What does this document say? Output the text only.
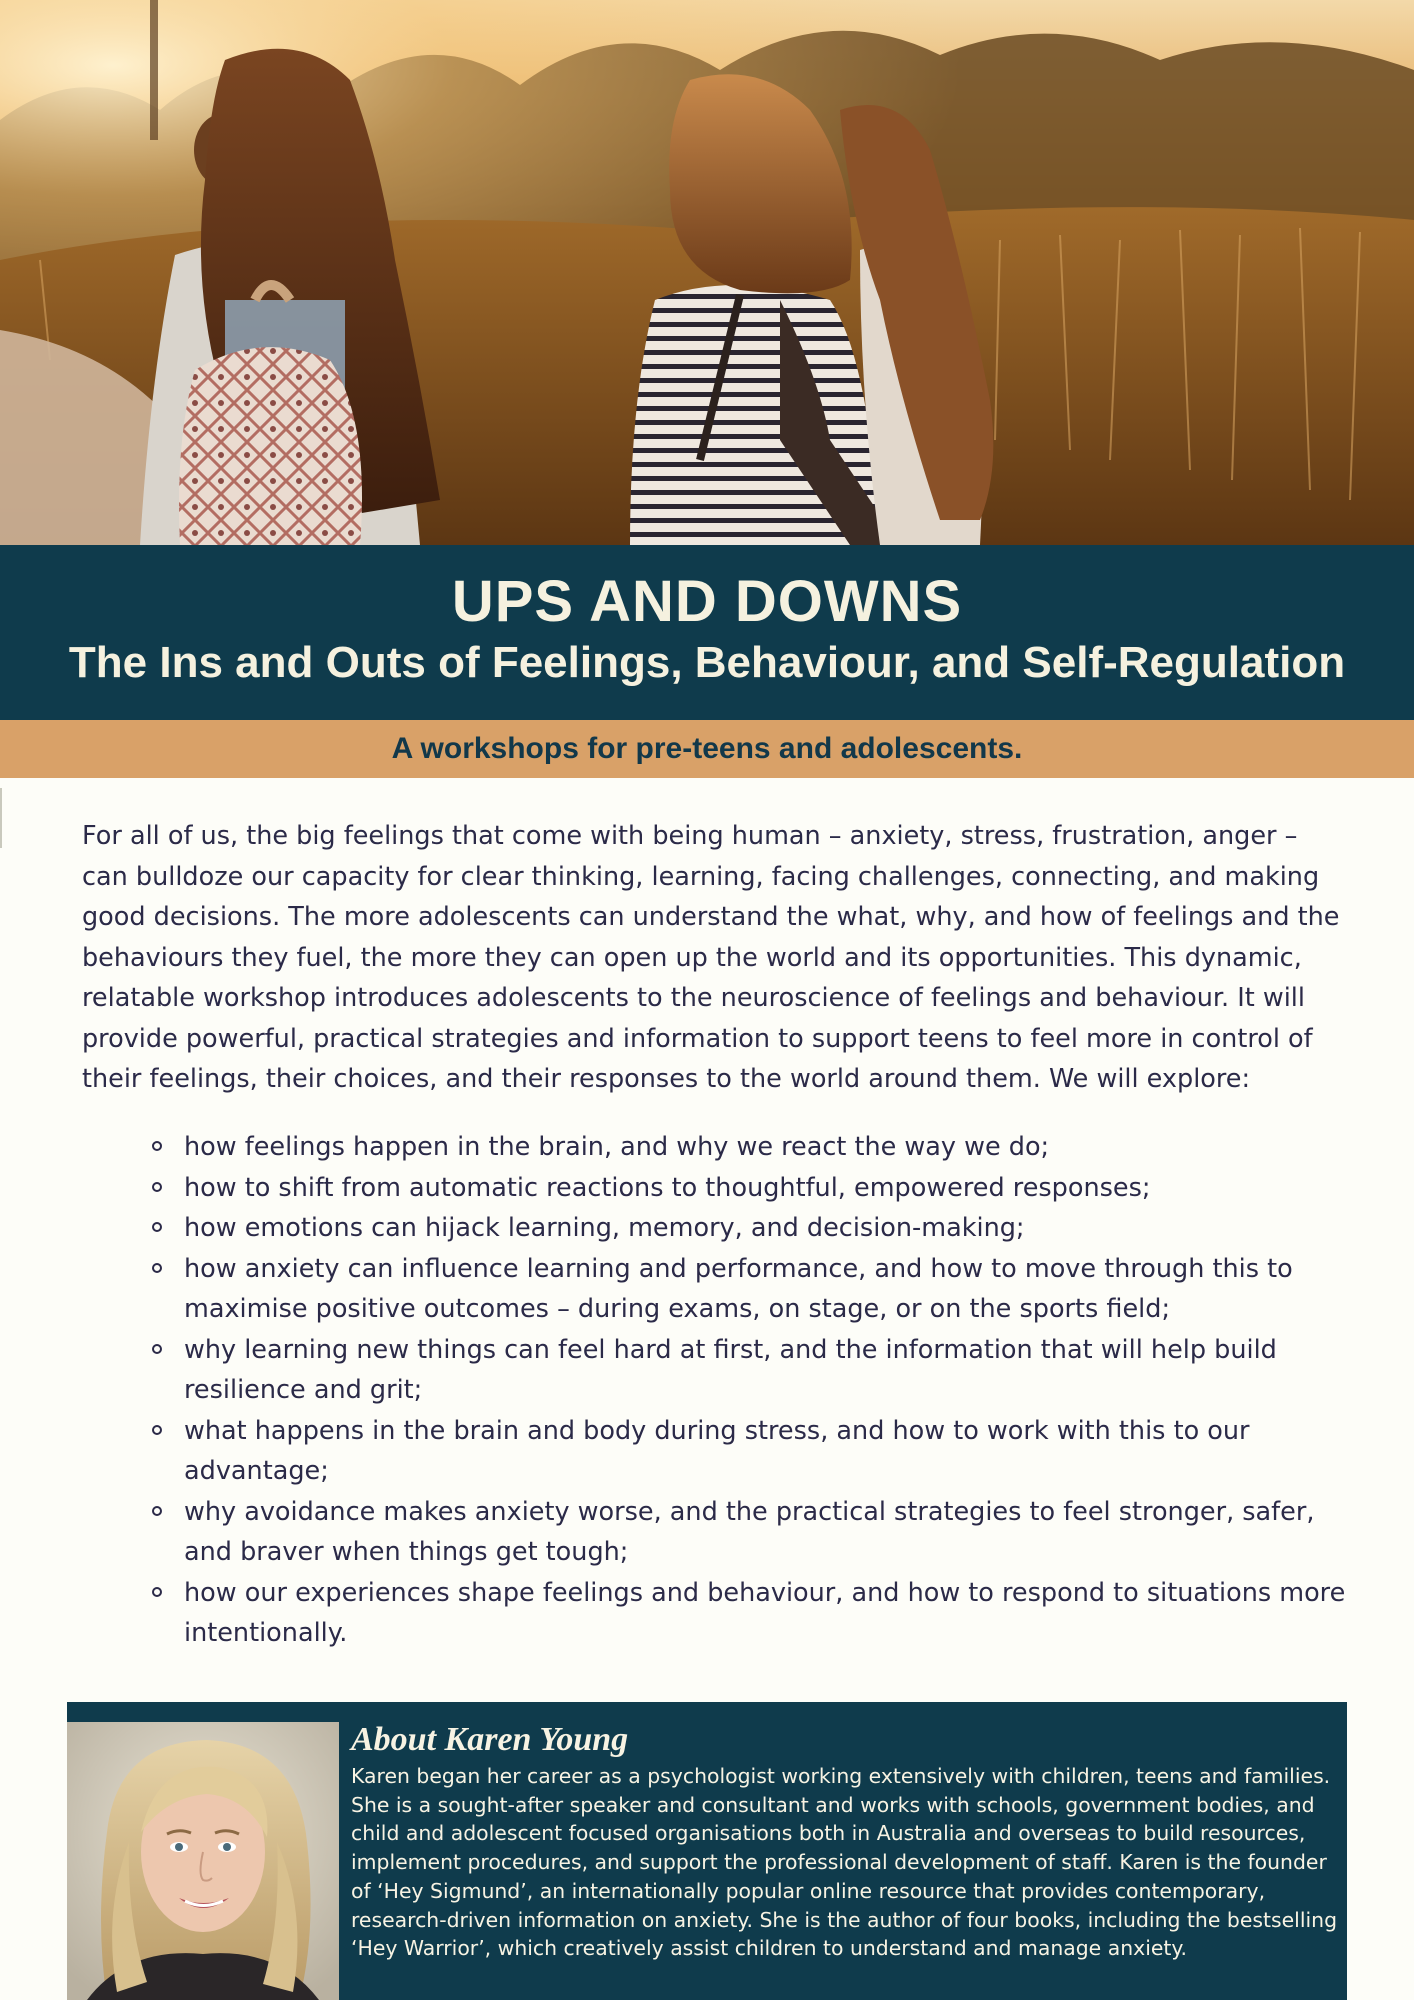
UPS AND DOWNS
The Ins and Outs of Feelings, Behaviour, and Self-Regulation
A workshops for pre-teens and adolescents.

For all of us, the big feelings that come with being human – anxiety, stress, frustration, anger – can bulldoze our capacity for clear thinking, learning, facing challenges, connecting, and making good decisions. The more adolescents can understand the what, why, and how of feelings and the behaviours they fuel, the more they can open up the world and its opportunities. This dynamic, relatable workshop introduces adolescents to the neuroscience of feelings and behaviour. It will provide powerful, practical strategies and information to support teens to feel more in control of their feelings, their choices, and their responses to the world around them. We will explore:

how feelings happen in the brain, and why we react the way we do;
how to shift from automatic reactions to thoughtful, empowered responses;
how emotions can hijack learning, memory, and decision-making;
how anxiety can influence learning and performance, and how to move through this to maximise positive outcomes – during exams, on stage, or on the sports field;
why learning new things can feel hard at first, and the information that will help build resilience and grit;
what happens in the brain and body during stress, and how to work with this to our advantage;
why avoidance makes anxiety worse, and the practical strategies to feel stronger, safer, and braver when things get tough;
how our experiences shape feelings and behaviour, and how to respond to situations more intentionally.
About Karen Young

Karen began her career as a psychologist working extensively with children, teens and families. She is a sought-after speaker and consultant and works with schools, government bodies, and child and adolescent focused organisations both in Australia and overseas to build resources, implement procedures, and support the professional development of staff. Karen is the founder of ‘Hey Sigmund’, an internationally popular online resource that provides contemporary, research-driven information on anxiety. She is the author of four books, including the bestselling ‘Hey Warrior’, which creatively assist children to understand and manage anxiety.
